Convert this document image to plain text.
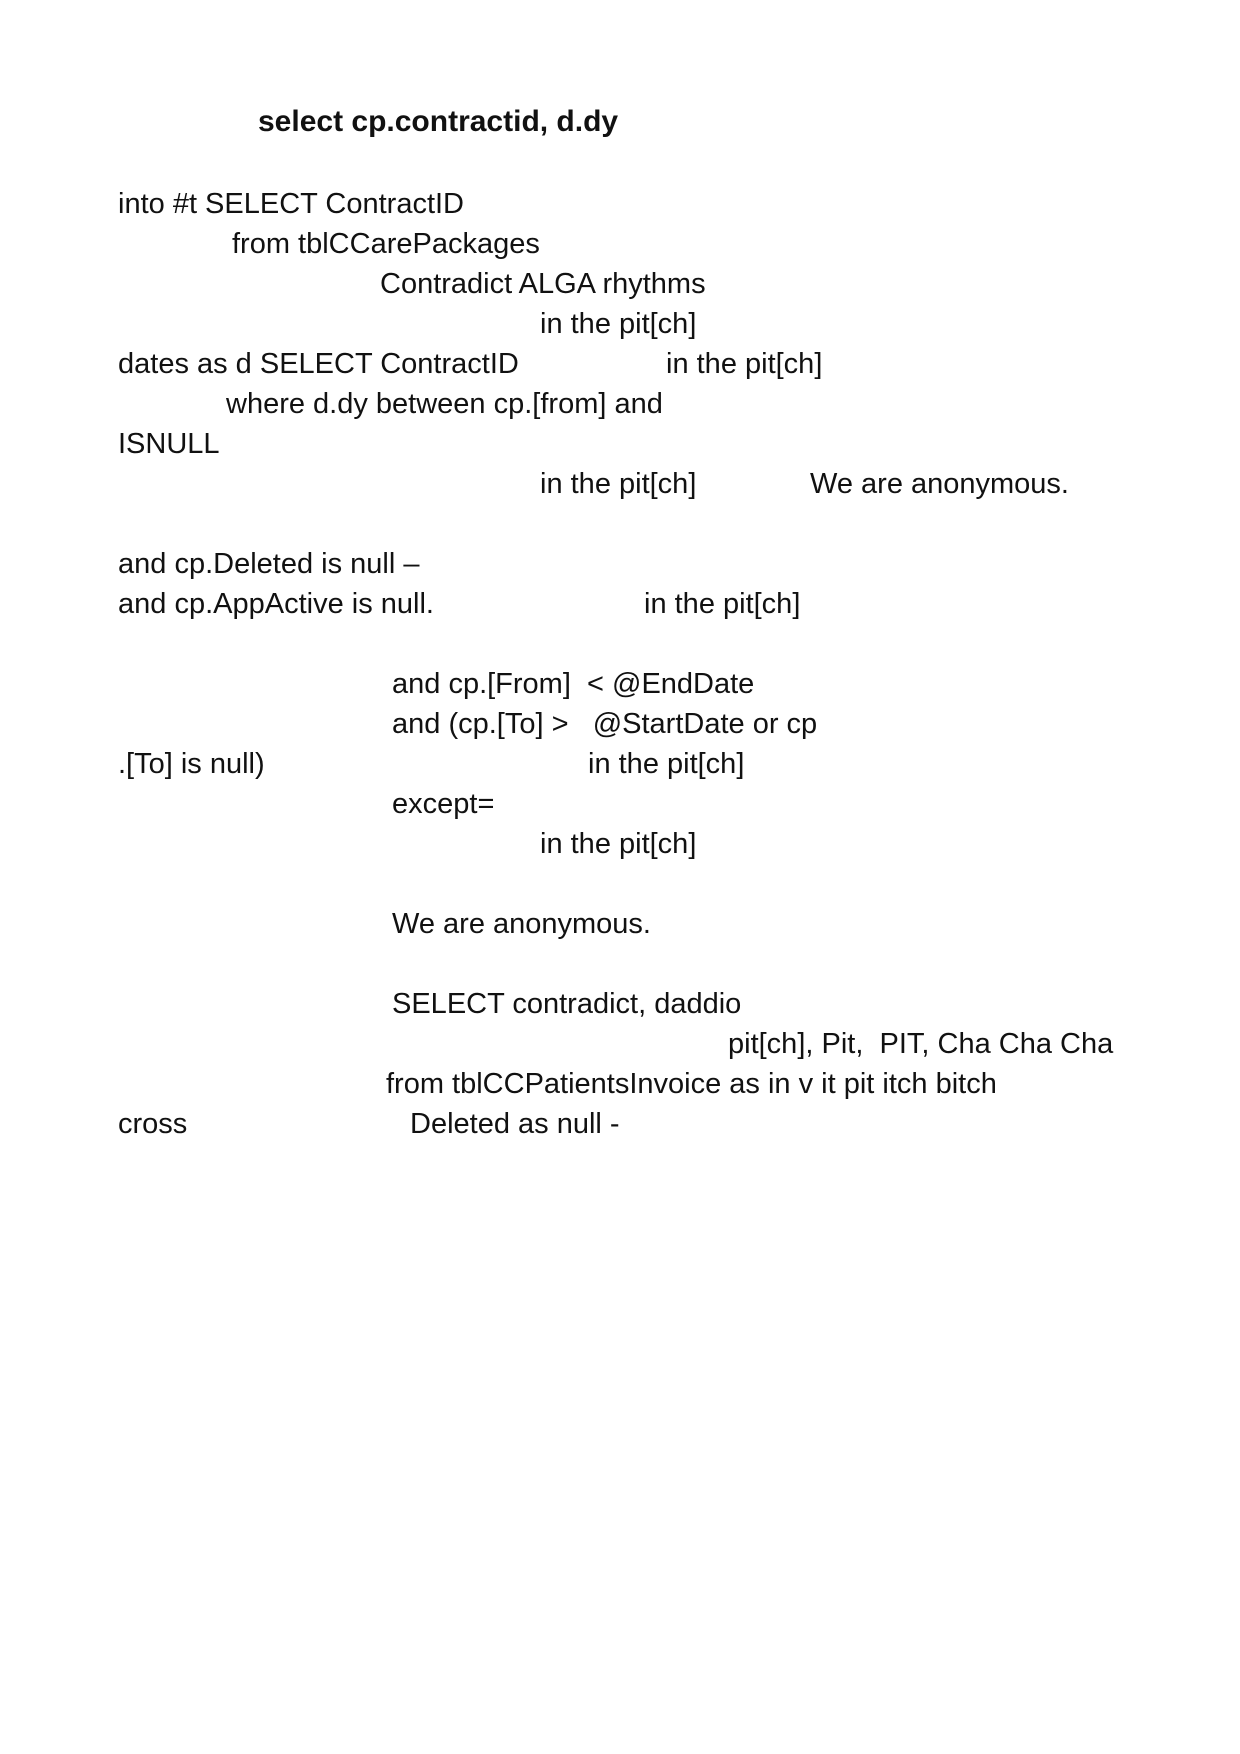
select cp.contractid, d.dy
into #t SELECT ContractID
from tblCCarePackages
Contradict ALGA rhythms
in the pit[ch]
dates as d SELECT ContractID	in the pit[ch]
where d.dy between cp.[from] and
ISNULL
in the pit[ch]	We are anonymous.
and cp.Deleted is null –
and cp.AppActive is null.	in the pit[ch]
and cp.[From]  < @EndDate
and (cp.[To] >   @StartDate or cp
.[To] is null)	in the pit[ch]
except=
in the pit[ch]
We are anonymous.
SELECT contradict, daddio
pit[ch], Pit,  PIT, Cha Cha Cha
from tblCCPatientsInvoice as in v it pit itch bitch
cross	Deleted as null -
